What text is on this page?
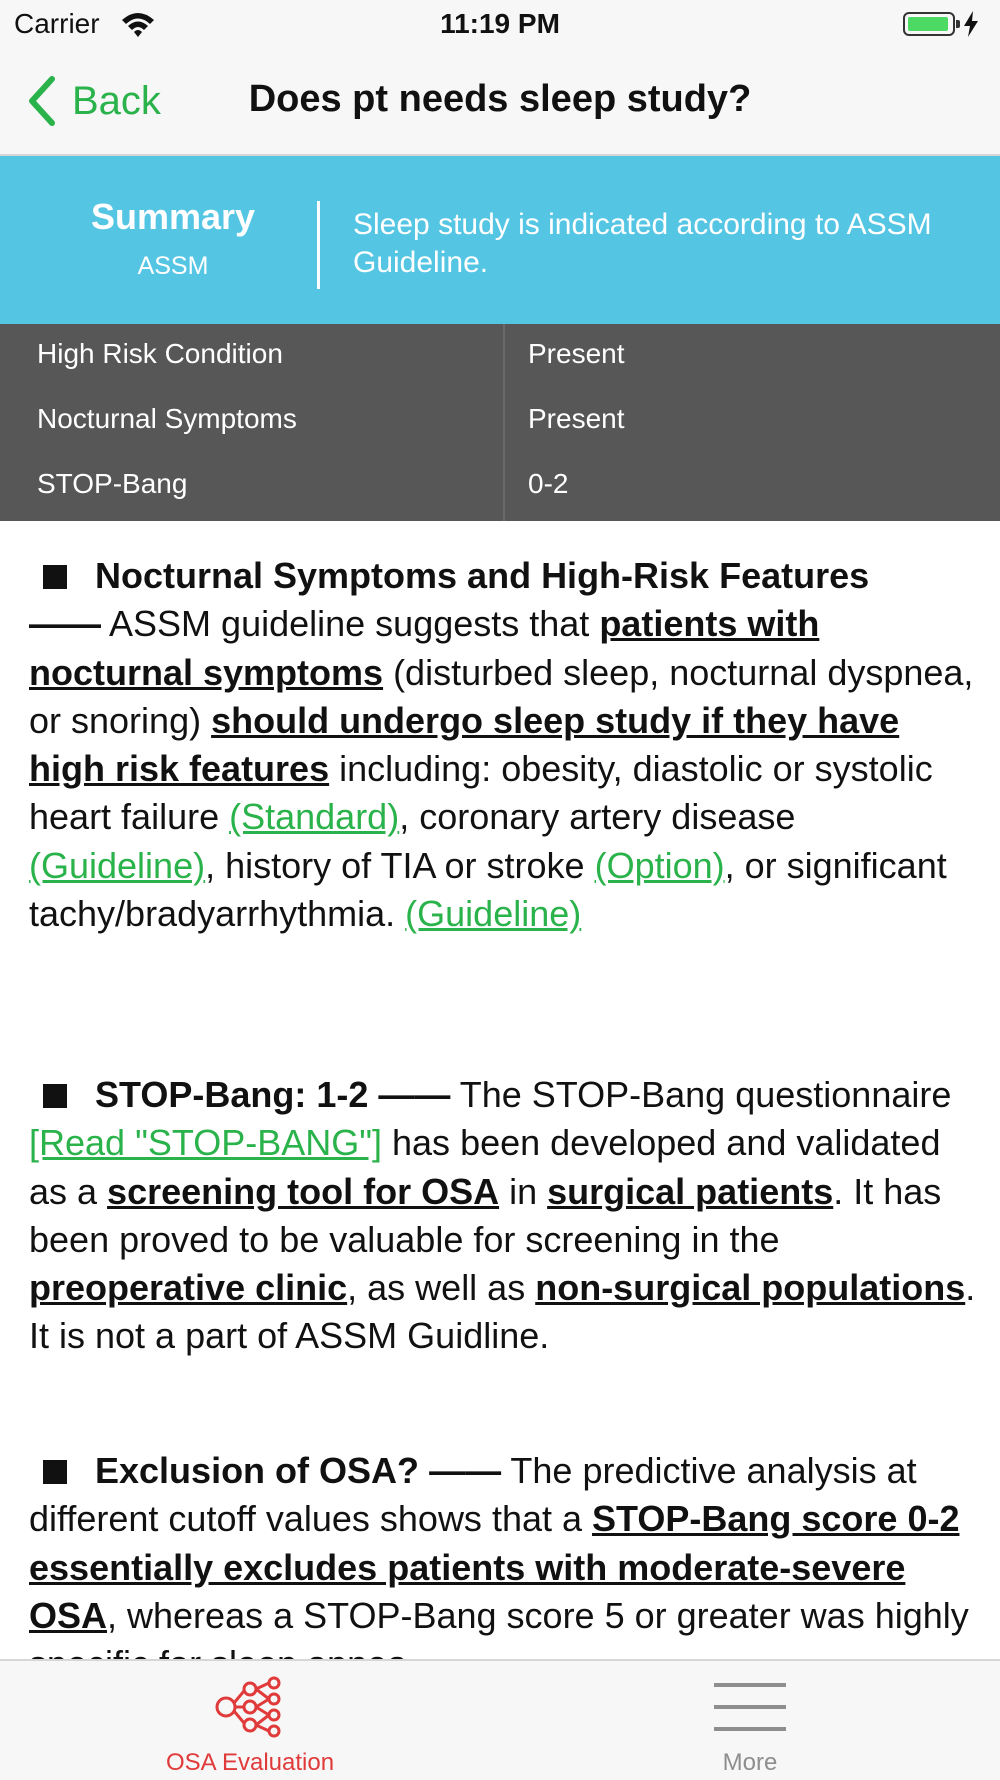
Carrier	11:19 PM
Back	Does pt needs sleep study?
Summary
ASSM
Sleep study is indicated according to ASSM Guideline.
High Risk Condition	Present
Nocturnal Symptoms	Present
STOP-Bang	0-2
Nocturnal Symptoms and High-Risk Features
—— ASSM guideline suggests that patients with nocturnal symptoms (disturbed sleep, nocturnal dyspnea, or snoring) should undergo sleep study if they have high risk features including: obesity, diastolic or systolic heart failure (Standard), coronary artery disease (Guideline), history of TIA or stroke (Option), or significant tachy/bradyarrhythmia. (Guideline)
STOP-Bang: 1-2 —— The STOP-Bang questionnaire [Read "STOP-BANG"] has been developed and validated as a screening tool for OSA in surgical patients. It has been proved to be valuable for screening in the preoperative clinic, as well as non-surgical populations. It is not a part of ASSM Guidline.
Exclusion of OSA? —— The predictive analysis at different cutoff values shows that a STOP-Bang score 0-2 essentially excludes patients with moderate-severe OSA, whereas a STOP-Bang score 5 or greater was highly
OSA Evaluation	More
